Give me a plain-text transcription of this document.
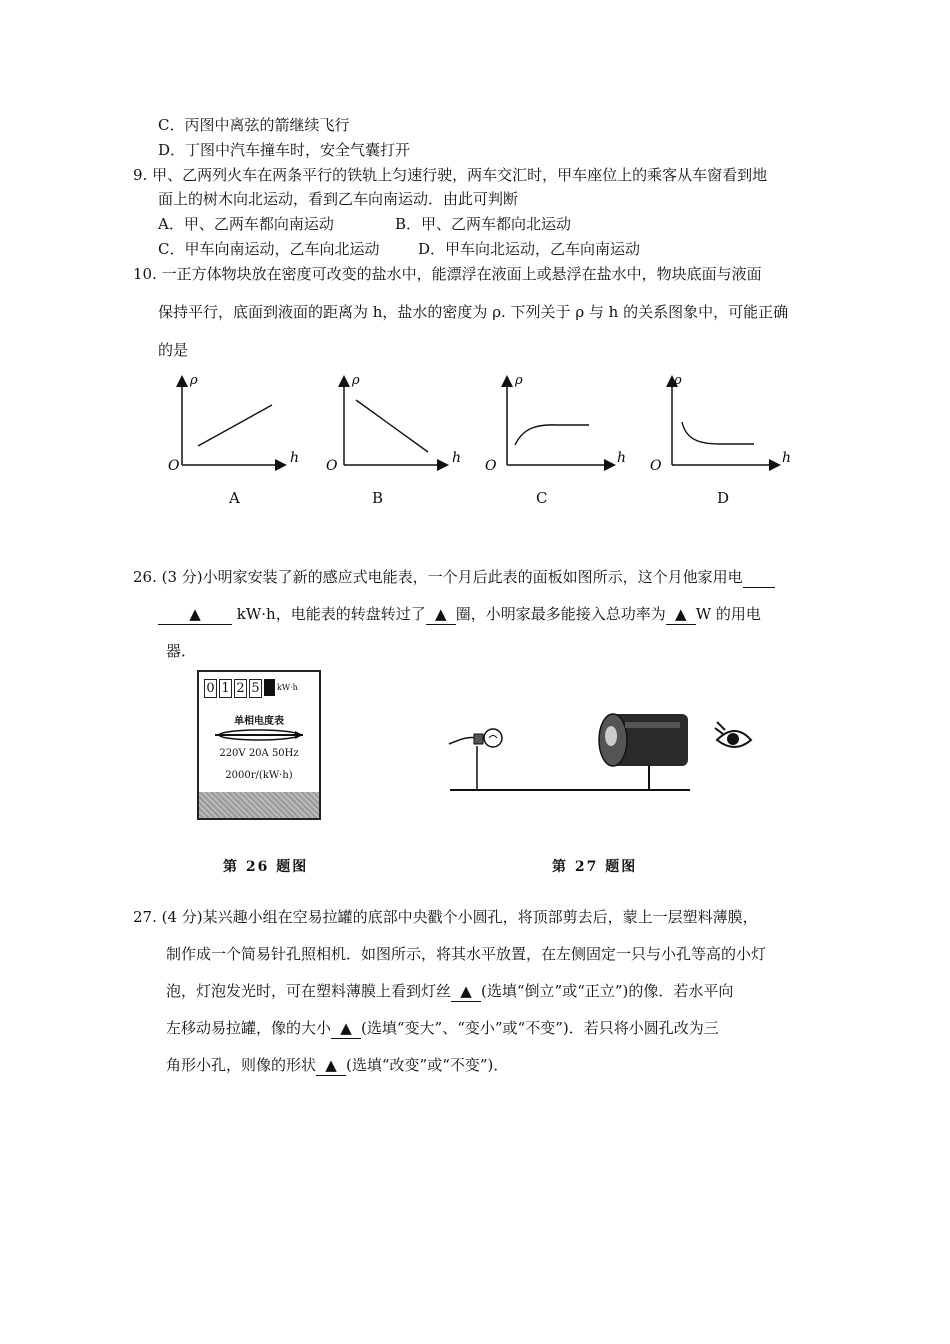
C．丙图中离弦的箭继续飞行
D．丁图中汽车撞车时，安全气囊打开
9. 甲、乙两列火车在两条平行的铁轨上匀速行驶，两车交汇时，甲车座位上的乘客从车窗看到地
面上的树木向北运动，看到乙车向南运动．由此可判断
A．甲、乙两车都向南运动	B．甲、乙两车都向北运动
C．甲车向南运动，乙车向北运动	D．甲车向北运动，乙车向南运动
10. 一正方体物块放在密度可改变的盐水中，能漂浮在液面上或悬浮在盐水中，物块底面与液面
保持平行，底面到液面的距离为 h，盐水的密度为 ρ. 下列关于 ρ 与 h 的关系图象中，可能正确
的是
ρ
h
O
ρ
h
O
ρ
h
O
ρ
h
O
A	B	C	D
26. (3 分)小明家安装了新的感应式电能表，一个月后此表的面板如图所示，这个月他家用电
▲ kW·h，电能表的转盘转过了 ▲ 圈，小明家最多能接入总功率为 ▲ W 的用电
器．
0 1 2 5 kW·h
单相电度表
220V 20A 50Hz
2000r/(kW·h)
第 26 题图	第 27 题图
27. (4 分)某兴趣小组在空易拉罐的底部中央戳个小圆孔，将顶部剪去后，蒙上一层塑料薄膜，
制作成一个简易针孔照相机．如图所示，将其水平放置，在左侧固定一只与小孔等高的小灯
泡，灯泡发光时，可在塑料薄膜上看到灯丝 ▲ (选填“倒立”或“正立”)的像．若水平向
左移动易拉罐，像的大小 ▲ (选填“变大”、“变小”或“不变”)．若只将小圆孔改为三
角形小孔，则像的形状 ▲ (选填“改变”或“不变”)．
